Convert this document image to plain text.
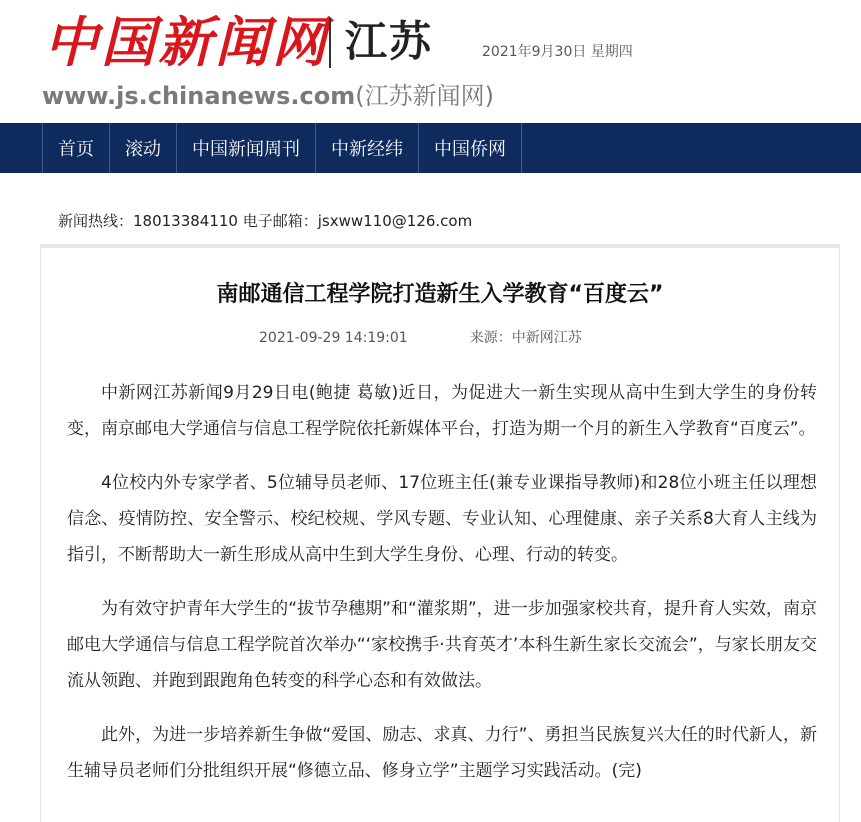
中国新闻网 江苏	2021年9月30日 星期四
www.js.chinanews.com(江苏新闻网)
首页	滚动	中国新闻周刊	中新经纬	中国侨网
新闻热线：18013384110 电子邮箱：jsxww110@126.com
南邮通信工程学院打造新生入学教育“百度云”
2021-09-29 14:19:01	来源：中新网江苏

中新网江苏新闻9月29日电(鲍捷 葛敏)近日，为促进大一新生实现从高中生到大学生的身份转变，南京邮电大学通信与信息工程学院依托新媒体平台，打造为期一个月的新生入学教育“百度云”。

4位校内外专家学者、5位辅导员老师、17位班主任(兼专业课指导教师)和28位小班主任以理想信念、疫情防控、安全警示、校纪校规、学风专题、专业认知、心理健康、亲子关系8大育人主线为指引，不断帮助大一新生形成从高中生到大学生身份、心理、行动的转变。

为有效守护青年大学生的“拔节孕穗期”和“灌浆期”，进一步加强家校共育，提升育人实效，南京邮电大学通信与信息工程学院首次举办“‘家校携手·共育英才’本科生新生家长交流会”，与家长朋友交流从领跑、并跑到跟跑角色转变的科学心态和有效做法。

此外，为进一步培养新生争做“爱国、励志、求真、力行”、勇担当民族复兴大任的时代新人，新生辅导员老师们分批组织开展“修德立品、修身立学”主题学习实践活动。(完)
